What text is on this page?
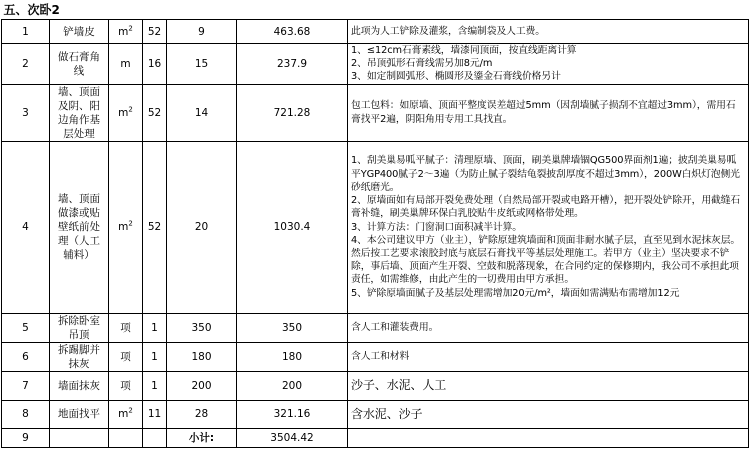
五、次卧2						
1	铲墙皮	$m^2$	52	9	463.68	此项为人工铲除及灌浆，含编制袋及人工费。

2	做石膏角线	m	16	15	237.9	1、≤12cm石膏素线，墙漆同顶面，按直线距离计算
2、吊顶弧形石膏线需另加8元/m
3、如定制圆弧形、椭圆形及鎏金石膏线价格另计

3	墙、顶面及阴、阳边角作基层处理	$m^2$	52	14	721.28	包工包料：如原墙、顶面平整度误差超过5mm（因刮墙腻子损刮不宜超过3mm），需用石膏找平2遍，阴阳角用专用工具找直。

4	墙、顶面做漆或贴壁纸前处理（人工辅料）	$m^2$	52	20	1030.4	1、刮美巢易呱平腻子：清理原墙、顶面，刷美巢牌墙锢QG500界面剂1遍；披刮美巢易呱平YGP400腻子2～3遍（为防止腻子裂结龟裂披刮厚度不超过3mm），200W白炽灯泡侧光砂纸磨光。
2、原墙面如有局部开裂免费处理（自然局部开裂或电路开槽），把开裂处铲除开，用截缝石膏补缝，刷美巢牌环保白乳胶贴牛皮纸或网格带处理。
3、计算方法：门窗洞口面积减半计算。
4、本公司建议甲方（业主），铲除原建筑墙面和顶面非耐水腻子层，直至见到水泥抹灰层。然后按工艺要求滚胶封底与底层石膏找平等基层处理施工。若甲方（业主）坚决要求不铲除，事后墙、顶面产生开裂、空鼓和脱落现象，在合同约定的保修期内，我公司不承担此项责任，如需维修，由此产生的一切费用由甲方承担。
5、铲除原墙面腻子及基层处理需增加20元/m²，墙面如需满贴布需增加12元

5	拆除卧室吊顶	项	1	350	350	含人工和灌装费用。

6	拆踢脚并抹灰	项	1	180	180	含人工和材料

7	墙面抹灰	项	1	200	200	沙子、水泥、人工

8	地面找平	$m^2$	11	28	321.16	含水泥、沙子

9				小计:	3504.42	
